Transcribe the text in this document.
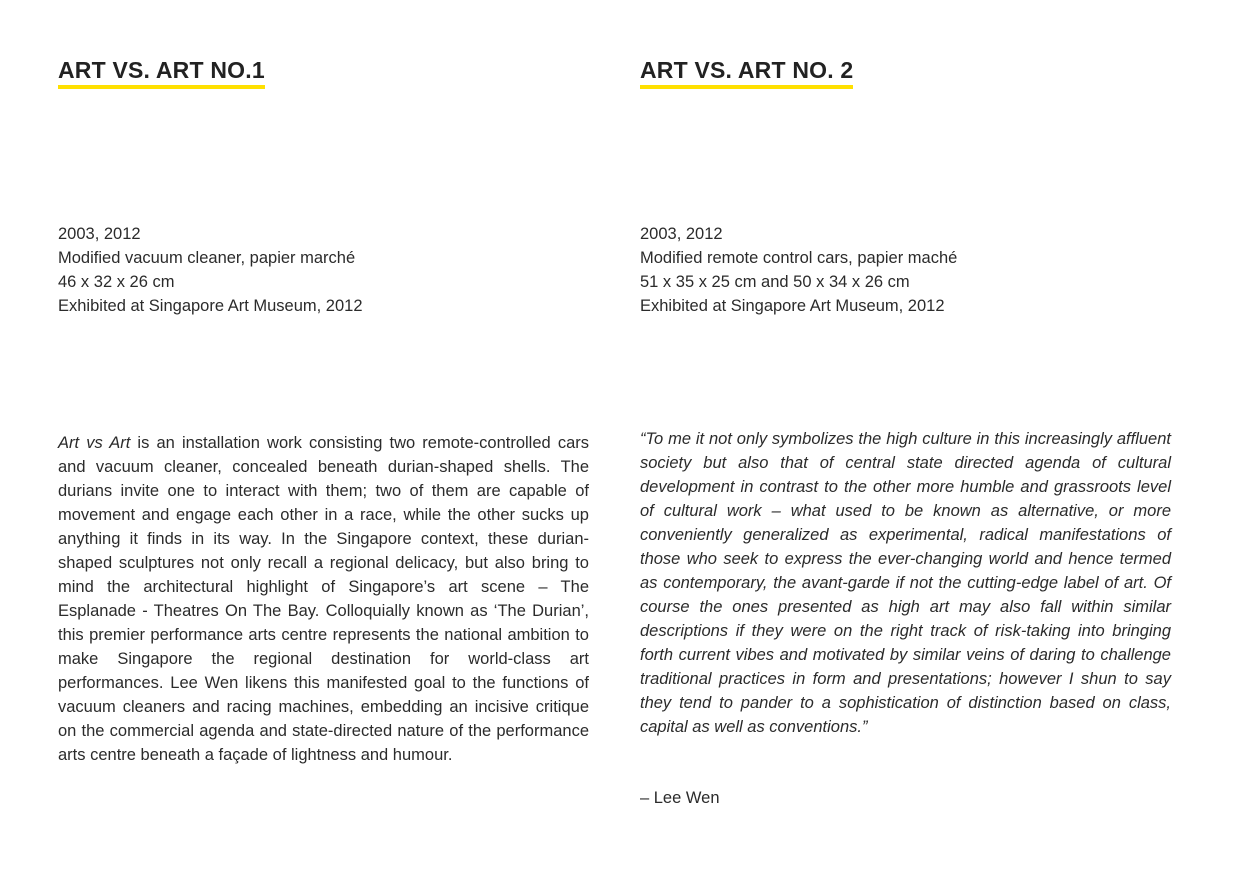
ART VS. ART NO.1
2003, 2012
Modified vacuum cleaner, papier marché
46 x 32 x 26 cm
Exhibited at Singapore Art Museum, 2012

Art vs Art is an installation work consisting two remote-controlled cars and vacuum cleaner, concealed beneath durian-shaped shells. The durians invite one to interact with them; two of them are capable of movement and engage each other in a race, while the other sucks up anything it finds in its way. In the Singapore context, these durian-shaped sculptures not only recall a regional delicacy, but also bring to mind the architectural highlight of Singapore’s art scene – The Esplanade - Theatres On The Bay. Colloquially known as ‘The Durian’, this premier performance arts centre represents the national ambition to make Singapore the regional destination for world-class art performances. Lee Wen likens this manifested goal to the functions of vacuum cleaners and racing machines, embedding an incisive critique on the commercial agenda and state-directed nature of the performance arts centre beneath a façade of lightness and humour.

ART VS. ART NO. 2
2003, 2012
Modified remote control cars, papier maché
51 x 35 x 25 cm and 50 x 34 x 26 cm
Exhibited at Singapore Art Museum, 2012

“To me it not only symbolizes the high culture in this increasingly affluent society but also that of central state directed agenda of cultural development in contrast to the other more humble and grassroots level of cultural work – what used to be known as alternative, or more conveniently generalized as experimental, radical manifestations of those who seek to express the ever-changing world and hence termed as contemporary, the avant-garde if not the cutting-edge label of art. Of course the ones presented as high art may also fall within similar descriptions if they were on the right track of risk-taking into bringing forth current vibes and motivated by similar veins of daring to challenge traditional practices in form and presentations; however I shun to say they tend to pander to a sophistication of distinction based on class, capital as well as conventions.”

– Lee Wen
